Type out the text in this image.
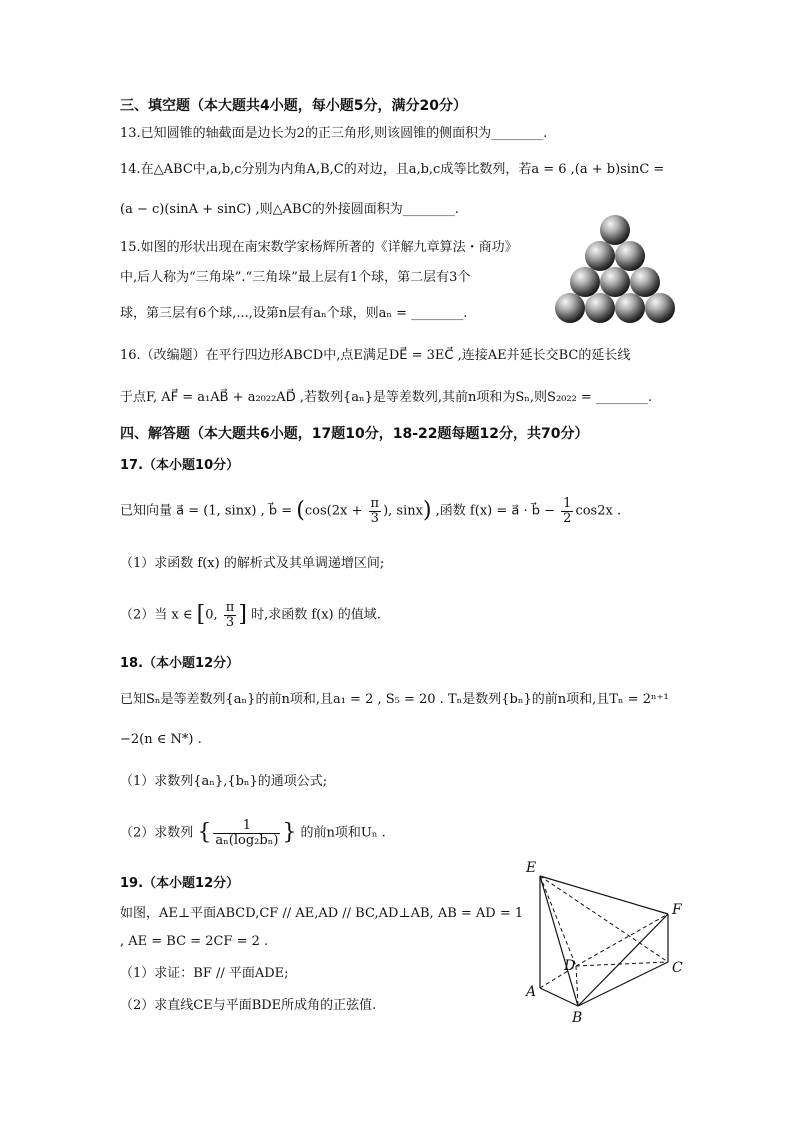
三、填空题（本大题共4小题，每小题5分，满分20分）
13.已知圆锥的轴截面是边长为2的正三角形,则该圆锥的侧面积为________.
14.在△ABC中,a,b,c分别为内角A,B,C的对边，且a,b,c成等比数列，若a = 6 ,(a + b)sinC =
(a − c)(sinA + sinC) ,则△ABC的外接圆面积为________.
15.如图的形状出现在南宋数学家杨辉所著的《详解九章算法・商功》
中,后人称为“三角垛”.“三角垛”最上层有1个球，第二层有3个
球，第三层有6个球,...,设第n层有aₙ个球，则aₙ = ________.
16.（改编题）在平行四边形ABCD中,点E满足DE⃗ = 3EC⃗ ,连接AE并延长交BC的延长线
于点F, AF⃗ = a₁AB⃗ + a₂₀₂₂AD⃗ ,若数列{aₙ}是等差数列,其前n项和为Sₙ,则S₂₀₂₂ = ________.
四、解答题（本大题共6小题，17题10分，18-22题每题12分，共70分）
17.（本小题10分）
已知向量 a⃗ = (1, sinx) , b⃗ = ($\cos(2x + \frac{\pi}{3}$ ), sinx) ,函数 f(x) = a⃗ · b⃗ − $\frac{1}{2} \cos 2x$ .
（1）求函数 f(x) 的解析式及其单调递增区间;
（2）当 x ∈ [0, $\frac{\pi}{3}$ ] 时,求函数 f(x) 的值域.
18.（本小题12分）
已知Sₙ是等差数列{aₙ}的前n项和,且a₁ = 2 , S₅ = 20 . Tₙ是数列{bₙ}的前n项和,且Tₙ = 2ⁿ⁺¹
−2(n ∈ N*) .
（1）求数列{aₙ},{bₙ}的通项公式;
（2）求数列 { $\frac{1}{\text{aₙ(log₂bₙ)}}$ } 的前n项和Uₙ .
19.（本小题12分）
如图，AE⊥平面ABCD,CF // AE,AD // BC,AD⊥AB, AB = AD = 1
, AE = BC = 2CF = 2 .
（1）求证：BF // 平面ADE;
（2）求直线CE与平面BDE所成角的正弦值.
E
F
D	C
A
B
